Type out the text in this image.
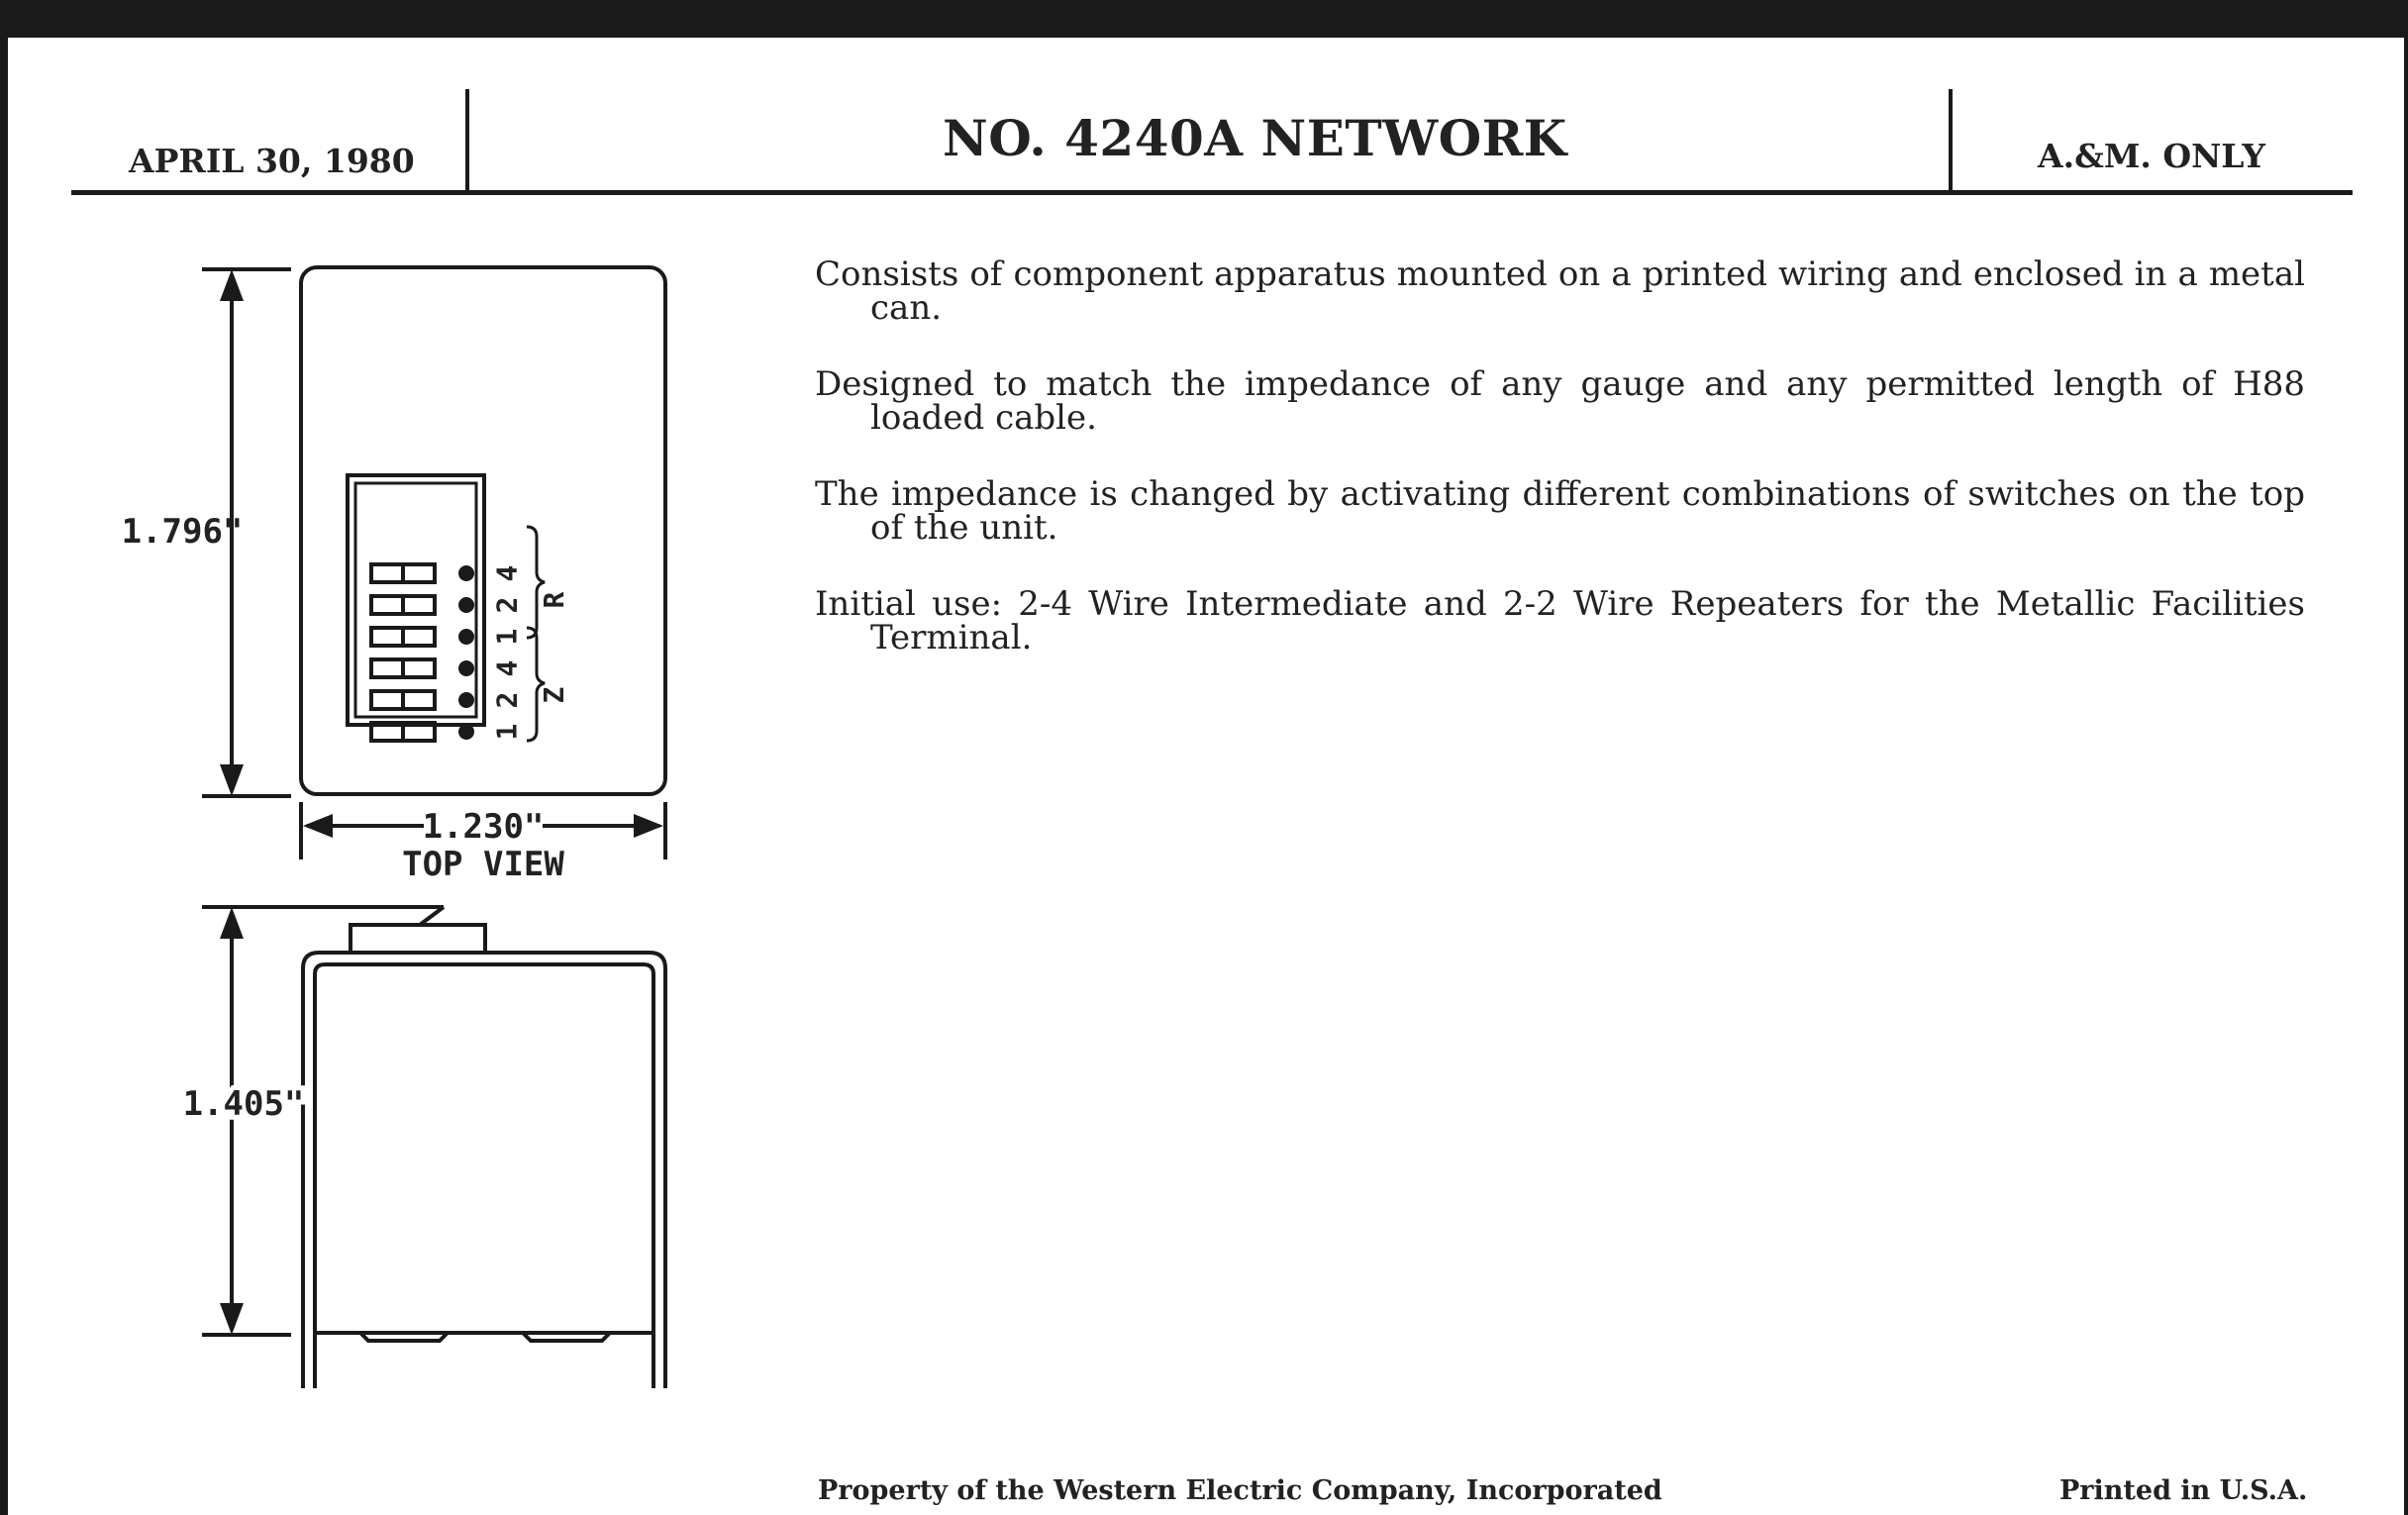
APRIL 30, 1980	NO. 4240A NETWORK	A.&M. ONLY

Consists of component apparatus mounted on a printed wiring and enclosed in a metal can.

Designed to match the impedance of any gauge and any permitted length of H88 loaded cable.

The impedance is changed by activating different combinations of switches on the top of the unit.

Initial use: 2-4 Wire Intermediate and 2-2 Wire Repeaters for the Metallic Facilities Terminal.

4
2
1
4
2
1
R
Z
1.796"
1.230"
TOP VIEW
1.405"
Property of the Western Electric Company, Incorporated	Printed in U.S.A.
